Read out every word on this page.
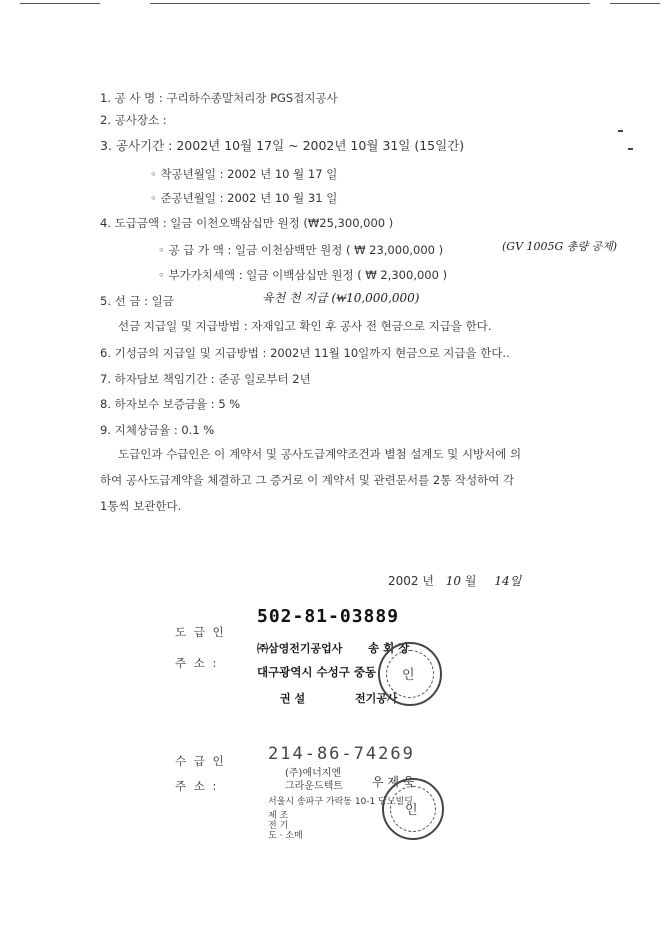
1. 공 사 명 : 구리하수종말처리장 PGS접지공사
2. 공사장소 :
3. 공사기간 : 2002년 10월 17일 ~ 2002년 10월 31일 (15일간)
◦ 착공년월일 : 2002 년 10 월 17 일
◦ 준공년월일 : 2002 년 10 월 31 일
4. 도급금액 : 일금 이천오백삼십만 원정 (₩25,300,000 )
◦ 공 급 가 액 : 일금 이천삼백만 원정 ( ₩ 23,000,000 )	(GV 1005G 총량 공제)
◦ 부가가치세액 : 일금 이백삼십만 원정 ( ₩ 2,300,000 )
5. 선 금 : 일금	육천 천 지급 (₩10,000,000)
선금 지급일 및 지급방법 : 자재입고 확인 후 공사 전 현금으로 지급을 한다.
6. 기성금의 지급일 및 지급방법 : 2002년 11월 10일까지 현금으로 지급을 한다..
7. 하자담보 책임기간 : 준공 일로부터 2년
8. 하자보수 보증금율 : 5 %
9. 지체상금율 : 0.1 %
도급인과 수급인은 이 계약서 및 공사도급계약조건과 별첨 설계도 및 시방서에 의
하여 공사도급계약을 체결하고 그 증거로 이 계약서 및 관련문서를 2통 작성하여 각
1통씩 보관한다.
2002 년 10 월 14일
도 급 인
주 소 :
502-81-03889
㈜삼영전기공업사 송 회 장
대구광역시 수성구 중동
권 설	전기공사
인
수 급 인
주 소 :
214-86-74269
(주)에너지엔
그라운드텍트 우 제 욱
서울시 송파구 가락동 10-1 당노빌딩
제 조
전 기
도 · 소매
인
